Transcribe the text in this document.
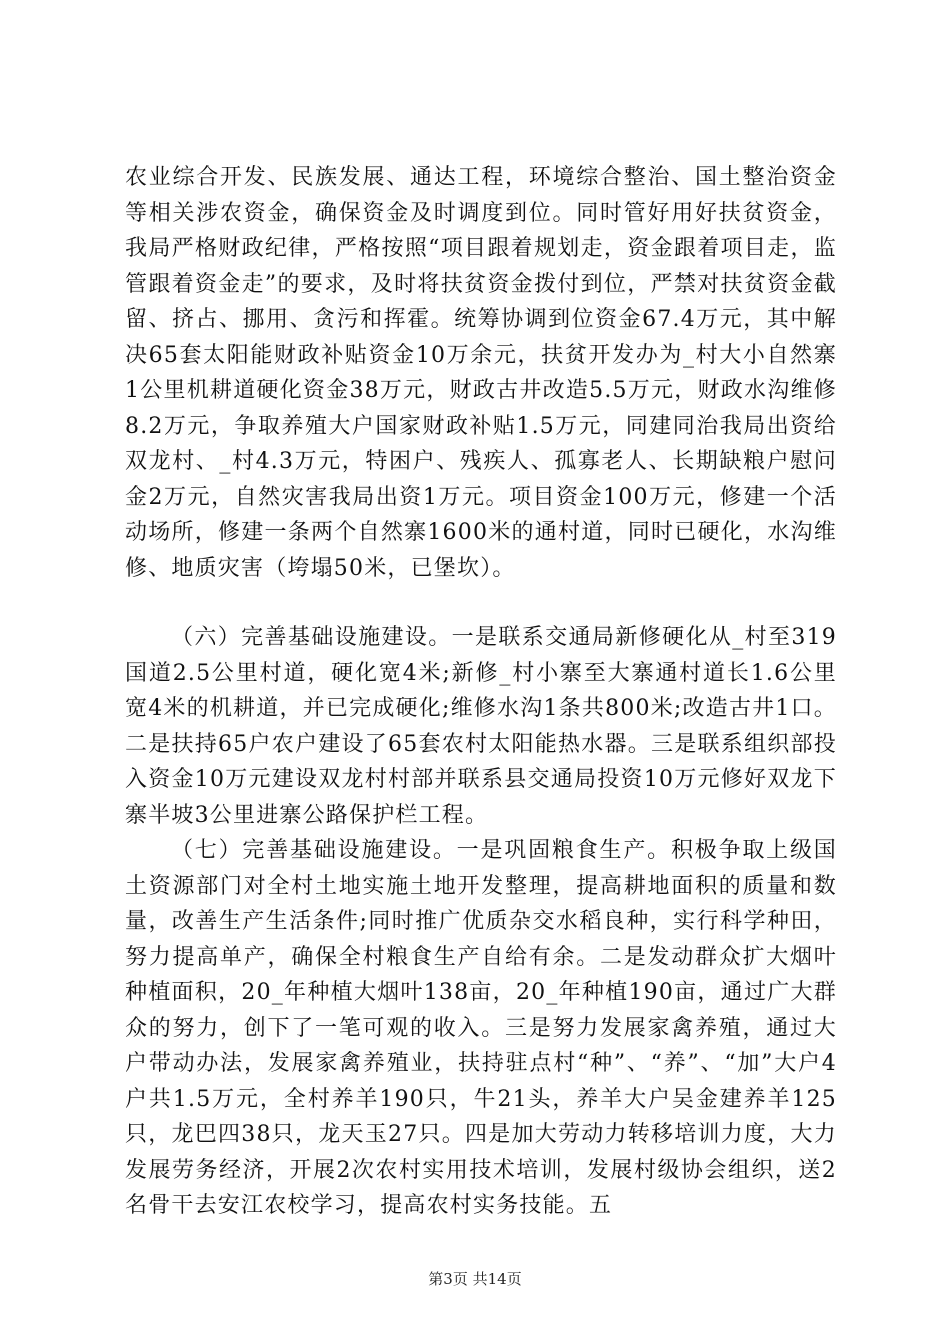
农业综合开发、民族发展、通达工程，环境综合整治、国土整治资金等相关涉农资金，确保资金及时调度到位。同时管好用好扶贫资金，我局严格财政纪律，严格按照“项目跟着规划走，资金跟着项目走，监管跟着资金走”的要求，及时将扶贫资金拨付到位，严禁对扶贫资金截留、挤占、挪用、贪污和挥霍。统筹协调到位资金67.4万元，其中解决65套太阳能财政补贴资金10万余元，扶贫开发办为_村大小自然寨1公里机耕道硬化资金38万元，财政古井改造5.5万元，财政水沟维修8.2万元，争取养殖大户国家财政补贴1.5万元，同建同治我局出资给双龙村、_村4.3万元，特困户、残疾人、孤寡老人、长期缺粮户慰问金2万元，自然灾害我局出资1万元。项目资金100万元，修建一个活动场所，修建一条两个自然寨1600米的通村道，同时已硬化，水沟维修、地质灾害（垮塌50米，已堡坎）。

（六）完善基础设施建设。一是联系交通局新修硬化从_村至319国道2.5公里村道，硬化宽4米;新修_村小寨至大寨通村道长1.6公里宽4米的机耕道，并已完成硬化;维修水沟1条共800米;改造古井1口。二是扶持65户农户建设了65套农村太阳能热水器。三是联系组织部投入资金10万元建设双龙村村部并联系县交通局投资10万元修好双龙下寨半坡3公里进寨公路保护栏工程。

（七）完善基础设施建设。一是巩固粮食生产。积极争取上级国土资源部门对全村土地实施土地开发整理，提高耕地面积的质量和数量，改善生产生活条件;同时推广优质杂交水稻良种，实行科学种田，努力提高单产，确保全村粮食生产自给有余。二是发动群众扩大烟叶种植面积，20_年种植大烟叶138亩，20_年种植190亩，通过广大群众的努力，创下了一笔可观的收入。三是努力发展家禽养殖，通过大户带动办法，发展家禽养殖业，扶持驻点村“种”、“养”、“加”大户4户共1.5万元，全村养羊190只，牛21头，养羊大户吴金建养羊125只，龙巴四38只，龙天玉27只。四是加大劳动力转移培训力度，大力发展劳务经济，开展2次农村实用技术培训，发展村级协会组织，送2名骨干去安江农校学习，提高农村实务技能。五

第3页 共14页
